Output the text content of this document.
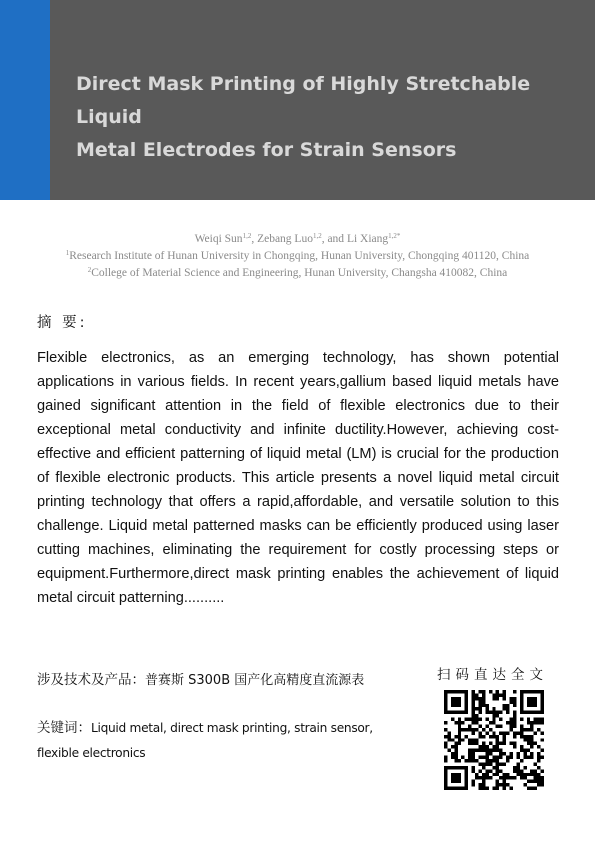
Direct Mask Printing of Highly Stretchable Liquid
Metal Electrodes for Strain Sensors
Weiqi Sun$^{1,2}$, Zebang Luo$^{1,2}$, and Li Xiang$^{1,2*}$
$^1$Research Institute of Hunan University in Chongqing, Hunan University, Chongqing 401120, China
$^2$College of Material Science and Engineering, Hunan University, Changsha 410082, China
摘 要:

Flexible electronics, as an emerging technology, has shown potential applications in various fields. In recent years,gallium based liquid metals have gained significant attention in the field of flexible electronics due to their exceptional metal conductivity and infinite ductility.However, achieving cost-effective and efficient patterning of liquid metal (LM) is crucial for the production of flexible electronic products. This article presents a novel liquid metal circuit printing technology that offers a rapid,affordable, and versatile solution to this challenge. Liquid metal patterned masks can be efficiently produced using laser cutting machines, eliminating the requirement for costly processing steps or equipment.Furthermore,direct mask printing enables the achievement of liquid metal circuit patterning..........

涉及技术及产品：普赛斯 S300B 国产化高精度直流源表
关键词：Liquid metal, direct mask printing, strain sensor, flexible electronics
扫码直达全文
